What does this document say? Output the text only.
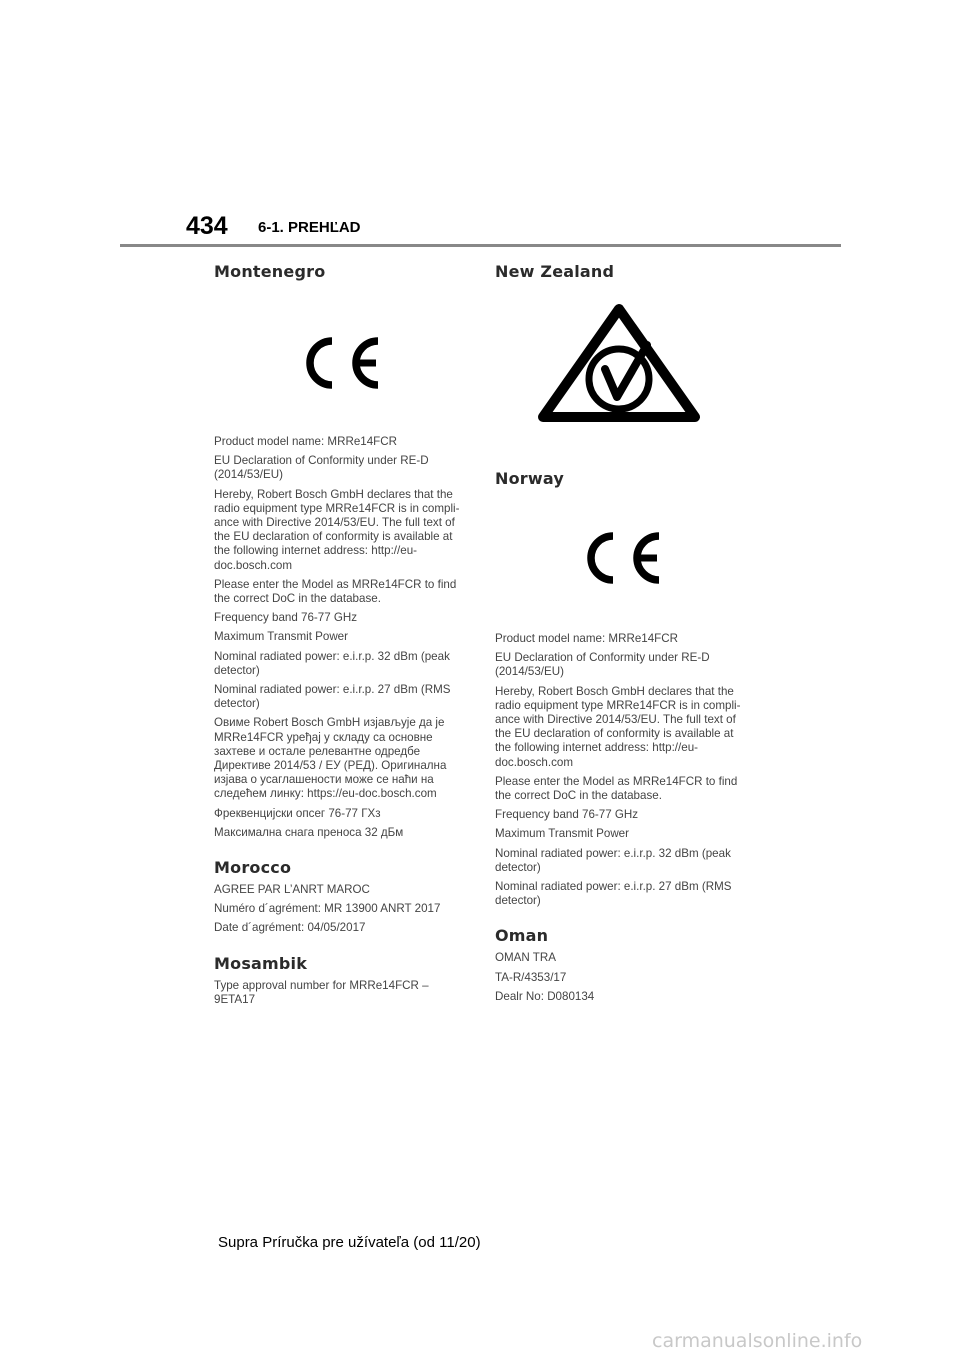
434 6-1. PREHĽAD
Montenegro

Product model name: MRRe14FCR

EU Declaration of Conformity under RE-D (2014/53/EU)

Hereby, Robert Bosch GmbH declares that the radio equipment type MRRe14FCR is in compli-ance with Directive 2014/53/EU. The full text of the EU declaration of conformity is available at the following internet address: http://eu-doc.bosch.com

Please enter the Model as MRRe14FCR to find the correct DoC in the database.

Frequency band 76-77 GHz

Maximum Transmit Power

Nominal radiated power: e.i.r.p. 32 dBm (peak detector)

Nominal radiated power: e.i.r.p. 27 dBm (RMS detector)

Овиме Robert Bosch GmbH изјављује да је MRRe14FCR уређај у складу са основне захтеве и остале релевантне одредбе Директиве 2014/53 / ЕУ (РЕД). Оригинална изјава о усаглашености може се наћи на следећем линку: https://eu-doc.bosch.com

Фреквенцијски опсег 76-77 ГХз

Максимална снага преноса 32 дБм

Morocco

AGREE PAR L’ANRT MAROC

Numéro d´agrément: MR 13900 ANRT 2017

Date d´agrément: 04/05/2017

Mosambik

Type approval number for MRRe14FCR – 9ETA17

New Zealand
Norway

Product model name: MRRe14FCR

EU Declaration of Conformity under RE-D (2014/53/EU)

Hereby, Robert Bosch GmbH declares that the radio equipment type MRRe14FCR is in compli-ance with Directive 2014/53/EU. The full text of the EU declaration of conformity is available at the following internet address: http://eu-doc.bosch.com

Please enter the Model as MRRe14FCR to find the correct DoC in the database.

Frequency band 76-77 GHz

Maximum Transmit Power

Nominal radiated power: e.i.r.p. 32 dBm (peak detector)

Nominal radiated power: e.i.r.p. 27 dBm (RMS detector)

Oman

OMAN TRA

TA-R/4353/17

Dealr No: D080134

Supra Príručka pre užívateľa (od 11/20)
carmanualsonline.info
